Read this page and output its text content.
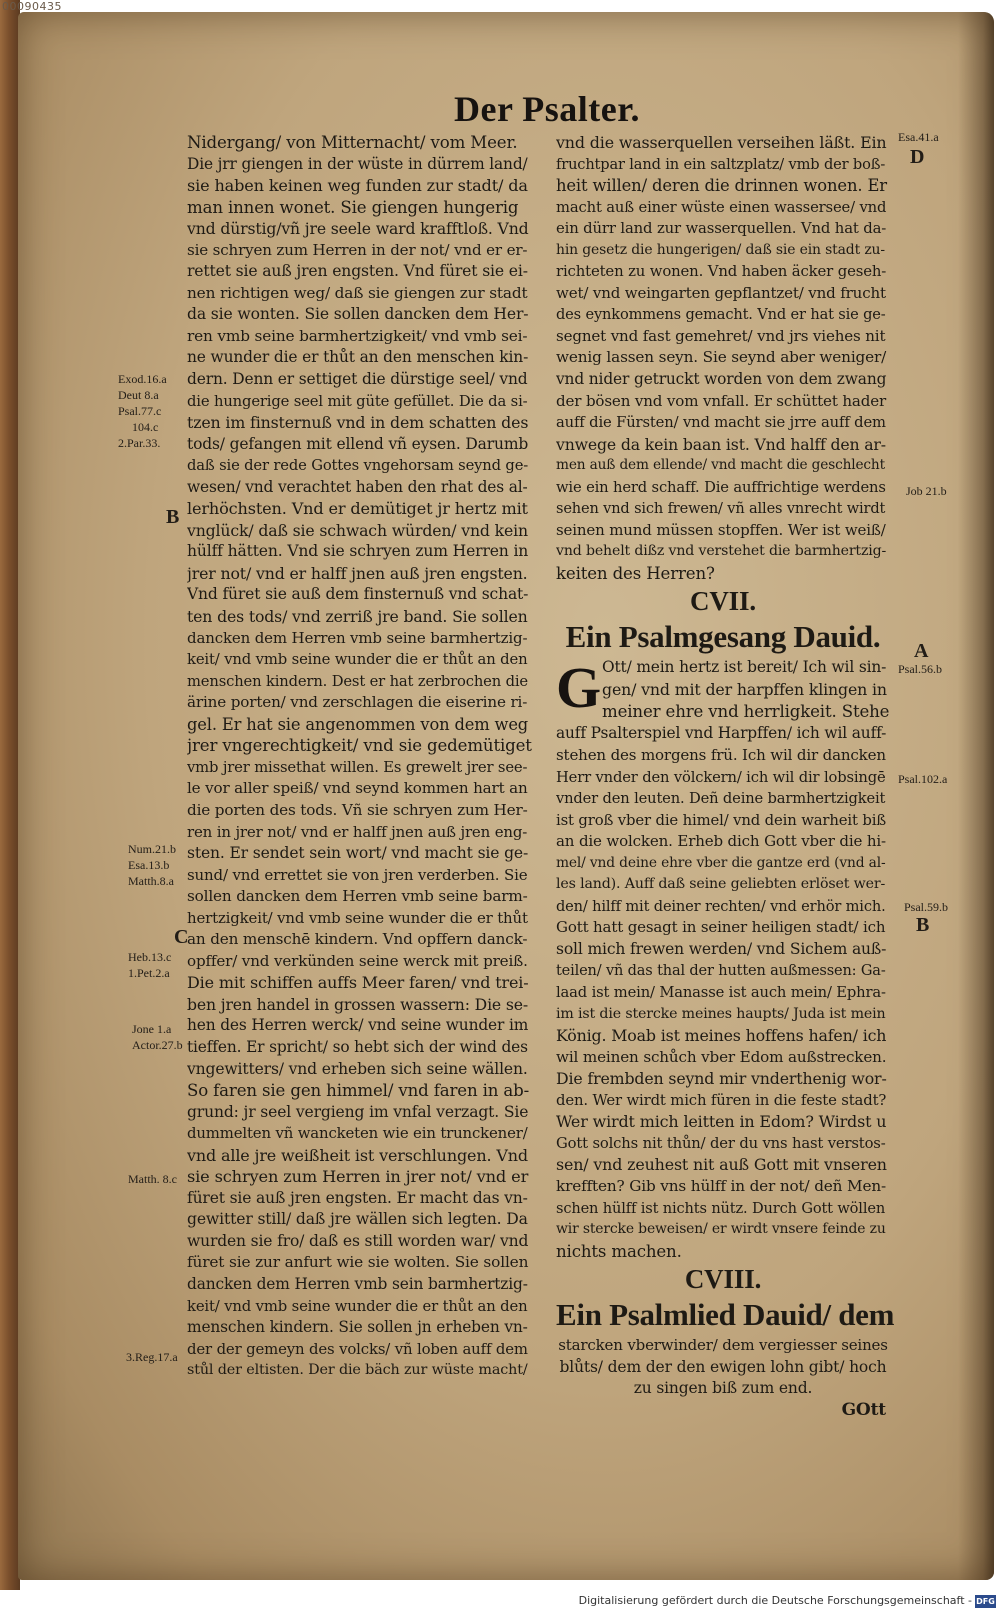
00090435
Der Psalter.
Nidergang/ von Mitternacht/ vom Meer.
Die jrr giengen in der wüste in dürrem land/
sie haben keinen weg funden zur stadt/ da
man innen wonet. Sie giengen hungerig
vnd dürstig/vñ jre seele ward krafftloß. Vnd
sie schryen zum Herren in der not/ vnd er er-
rettet sie auß jren engsten. Vnd füret sie ei-
nen richtigen weg/ daß sie giengen zur stadt
da sie wonten. Sie sollen dancken dem Her-
ren vmb seine barmhertzigkeit/ vnd vmb sei-
ne wunder die er thůt an den menschen kin-
dern. Denn er settiget die dürstige seel/ vnd
die hungerige seel mit güte gefüllet. Die da si-
tzen im finsternuß vnd in dem schatten des
tods/ gefangen mit ellend vñ eysen. Darumb
daß sie der rede Gottes vngehorsam seynd ge-
wesen/ vnd verachtet haben den rhat des al-
lerhöchsten. Vnd er demütiget jr hertz mit
vnglück/ daß sie schwach würden/ vnd kein
hülff hätten. Vnd sie schryen zum Herren in
jrer not/ vnd er halff jnen auß jren engsten.
Vnd füret sie auß dem finsternuß vnd schat-
ten des tods/ vnd zerriß jre band. Sie sollen
dancken dem Herren vmb seine barmhertzig-
keit/ vnd vmb seine wunder die er thůt an den
menschen kindern. Dest er hat zerbrochen die
ärine porten/ vnd zerschlagen die eiserine ri-
gel. Er hat sie angenommen von dem weg
jrer vngerechtigkeit/ vnd sie gedemütiget
vmb jrer missethat willen. Es grewelt jrer see-
le vor aller speiß/ vnd seynd kommen hart an
die porten des tods. Vñ sie schryen zum Her-
ren in jrer not/ vnd er halff jnen auß jren eng-
sten. Er sendet sein wort/ vnd macht sie ge-
sund/ vnd errettet sie von jren verderben. Sie
sollen dancken dem Herren vmb seine barm-
hertzigkeit/ vnd vmb seine wunder die er thůt
an den menschē kindern. Vnd opffern danck-
opffer/ vnd verkünden seine werck mit preiß.
Die mit schiffen auffs Meer faren/ vnd trei-
ben jren handel in grossen wassern: Die se-
hen des Herren werck/ vnd seine wunder im
tieffen. Er spricht/ so hebt sich der wind des
vngewitters/ vnd erheben sich seine wällen.
So faren sie gen himmel/ vnd faren in ab-
grund: jr seel vergieng im vnfal verzagt. Sie
dummelten vñ wancketen wie ein trunckener/
vnd alle jre weißheit ist verschlungen. Vnd
sie schryen zum Herren in jrer not/ vnd er
füret sie auß jren engsten. Er macht das vn-
gewitter still/ daß jre wällen sich legten. Da
wurden sie fro/ daß es still worden war/ vnd
füret sie zur anfurt wie sie wolten. Sie sollen
dancken dem Herren vmb sein barmhertzig-
keit/ vnd vmb seine wunder die er thůt an den
menschen kindern. Sie sollen jn erheben vn-
der der gemeyn des volcks/ vñ loben auff dem
stůl der eltisten. Der die bäch zur wüste macht/
vnd die wasserquellen verseihen läßt. Ein
fruchtpar land in ein saltzplatz/ vmb der boß-
heit willen/ deren die drinnen wonen. Er
macht auß einer wüste einen wassersee/ vnd
ein dürr land zur wasserquellen. Vnd hat da-
hin gesetz die hungerigen/ daß sie ein stadt zu-
richteten zu wonen. Vnd haben äcker geseh-
wet/ vnd weingarten gepflantzet/ vnd frucht
des eynkommens gemacht. Vnd er hat sie ge-
segnet vnd fast gemehret/ vnd jrs viehes nit
wenig lassen seyn. Sie seynd aber weniger/
vnd nider getruckt worden von dem zwang
der bösen vnd vom vnfall. Er schüttet hader
auff die Fürsten/ vnd macht sie jrre auff dem
vnwege da kein baan ist. Vnd halff den ar-
men auß dem ellende/ vnd macht die geschlecht
wie ein herd schaff. Die auffrichtige werdens
sehen vnd sich frewen/ vñ alles vnrecht wirdt
seinen mund müssen stopffen. Wer ist weiß/
vnd behelt dißz vnd verstehet die barmhertzig-
keiten des Herren?
CVII.
Ein Psalmgesang Dauid.
G Ott/ mein hertz ist bereit/ Ich wil sin-
gen/ vnd mit der harpffen klingen in
meiner ehre vnd herrligkeit. Stehe
auff Psalterspiel vnd Harpffen/ ich wil auff-
stehen des morgens frü. Ich wil dir dancken
Herr vnder den völckern/ ich wil dir lobsingē
vnder den leuten. Deñ deine barmhertzigkeit
ist groß vber die himel/ vnd dein warheit biß
an die wolcken. Erheb dich Gott vber die hi-
mel/ vnd deine ehre vber die gantze erd (vnd al-
les land). Auff daß seine geliebten erlöset wer-
den/ hilff mit deiner rechten/ vnd erhör mich.
Gott hatt gesagt in seiner heiligen stadt/ ich
soll mich frewen werden/ vnd Sichem auß-
teilen/ vñ das thal der hutten außmessen: Ga-
laad ist mein/ Manasse ist auch mein/ Ephra-
im ist die stercke meines haupts/ Juda ist mein
König. Moab ist meines hoffens hafen/ ich
wil meinen schůch vber Edom außstrecken.
Die frembden seynd mir vnderthenig wor-
den. Wer wirdt mich füren in die feste stadt?
Wer wirdt mich leitten in Edom? Wirdst u
Gott solchs nit thůn/ der du vns hast verstos-
sen/ vnd zeuhest nit auß Gott mit vnseren
krefften? Gib vns hülff in der not/ deñ Men-
schen hülff ist nichts nütz. Durch Gott wöllen
wir stercke beweisen/ er wirdt vnsere feinde zu
nichts machen.
CVIII.
Ein Psalmlied Dauid/ dem
starcken vberwinder/ dem vergiesser seines
blůts/ dem der den ewigen lohn gibt/ hoch
zu singen biß zum end.
GOtt
Exod.16.a
Deut 8.a
Psal.77.c
104.c
2.Par.33.
B
Num.21.b
Esa.13.b
Matth.8.a
C
Heb.13.c
1.Pet.2.a
Jone 1.a
Actor.27.b
Matth. 8.c
3.Reg.17.a
Esa.41.a
D
Job 21.b
A
Psal.56.b
Psal.102.a
Psal.59.b
B
Digitalisierung gefördert durch die Deutsche Forschungsgemeinschaft - DFG
